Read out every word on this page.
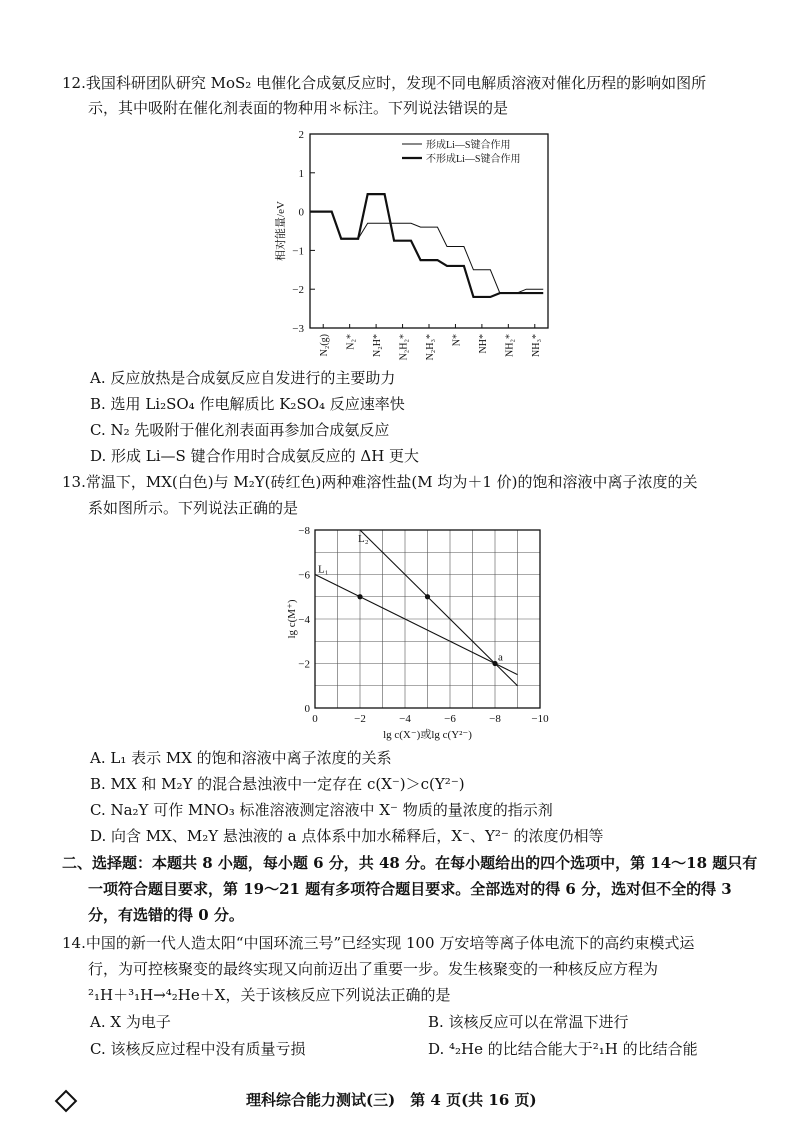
12.我国科研团队研究 MoS₂ 电催化合成氨反应时，发现不同电解质溶液对催化历程的影响如图所
示，其中吸附在催化剂表面的物种用＊标注。下列说法错误的是
2
1
0
−1
−2
−3
相对能量/eV
N₂(g) N₂* N₂H* N₂H₂* N₂H₃* N* NH* NH₂* NH₃*
形成Li—S键合作用
不形成Li—S键合作用
A. 反应放热是合成氨反应自发进行的主要助力
B. 选用 Li₂SO₄ 作电解质比 K₂SO₄ 反应速率快
C. N₂ 先吸附于催化剂表面再参加合成氨反应
D. 形成 Li—S 键合作用时合成氨反应的 ΔH 更大
13.常温下，MX(白色)与 M₂Y(砖红色)两种难溶性盐(M 均为＋1 价)的饱和溶液中离子浓度的关
系如图所示。下列说法正确的是
0	−2	−4	−6	−8	−10
−8
−6
−4
−2
0
lg c(M⁺)
lg c(X⁻)或lg c(Y²⁻)
L₁
L₂
a
A. L₁ 表示 MX 的饱和溶液中离子浓度的关系
B. MX 和 M₂Y 的混合悬浊液中一定存在 c(X⁻)＞c(Y²⁻)
C. Na₂Y 可作 MNO₃ 标准溶液测定溶液中 X⁻ 物质的量浓度的指示剂
D. 向含 MX、M₂Y 悬浊液的 a 点体系中加水稀释后，X⁻、Y²⁻ 的浓度仍相等
二、选择题：本题共 8 小题，每小题 6 分，共 48 分。在每小题给出的四个选项中，第 14～18 题只有
一项符合题目要求，第 19～21 题有多项符合题目要求。全部选对的得 6 分，选对但不全的得 3
分，有选错的得 0 分。
14.中国的新一代人造太阳“中国环流三号”已经实现 100 万安培等离子体电流下的高约束模式运
行，为可控核聚变的最终实现又向前迈出了重要一步。发生核聚变的一种核反应方程为
²₁H＋³₁H→⁴₂He＋X，关于该核反应下列说法正确的是
A. X 为电子	B. 该核反应可以在常温下进行
C. 该核反应过程中没有质量亏损	D. ⁴₂He 的比结合能大于²₁H 的比结合能
理科综合能力测试(三)　第 4 页(共 16 页)
